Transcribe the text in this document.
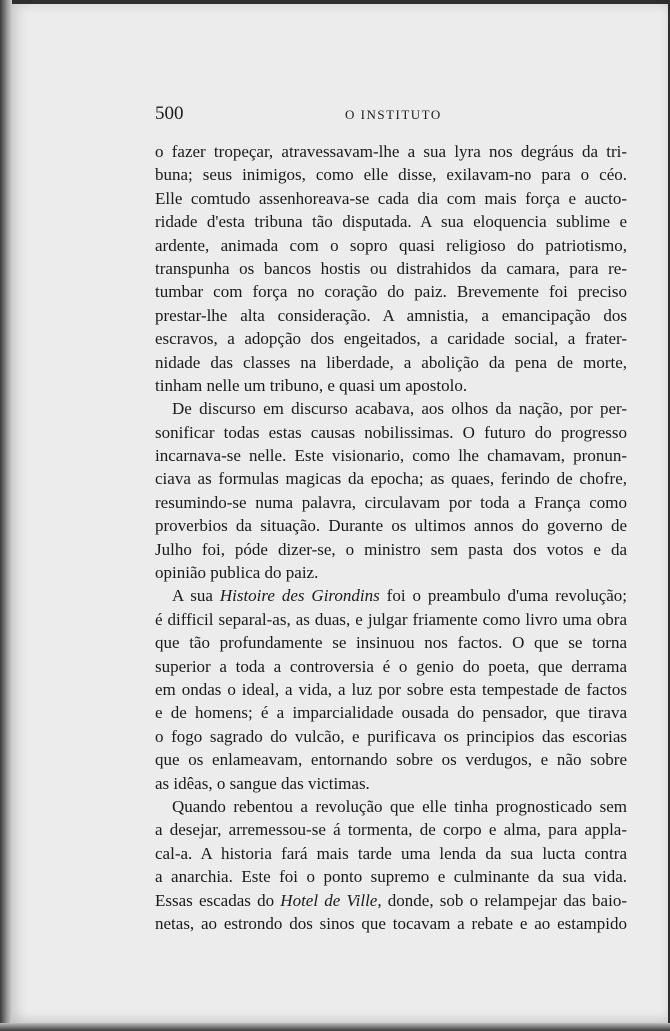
500	O INSTITUTO
o fazer tropeçar, atravessavam-lhe a sua lyra nos degráus da tri-
buna; seus inimigos, como elle disse, exilavam-no para o céo.
Elle comtudo assenhoreava-se cada dia com mais força e aucto-
ridade d'esta tribuna tão disputada. A sua eloquencia sublime e
ardente, animada com o sopro quasi religioso do patriotismo,
transpunha os bancos hostis ou distrahidos da camara, para re-
tumbar com força no coração do paiz. Brevemente foi preciso
prestar-lhe alta consideração. A amnistia, a emancipação dos
escravos, a adopção dos engeitados, a caridade social, a frater-
nidade das classes na liberdade, a abolição da pena de morte,
tinham nelle um tribuno, e quasi um apostolo.
De discurso em discurso acabava, aos olhos da nação, por per-
sonificar todas estas causas nobilissimas. O futuro do progresso
incarnava-se nelle. Este visionario, como lhe chamavam, pronun-
ciava as formulas magicas da epocha; as quaes, ferindo de chofre,
resumindo-se numa palavra, circulavam por toda a França como
proverbios da situação. Durante os ultimos annos do governo de
Julho foi, póde dizer-se, o ministro sem pasta dos votos e da
opinião publica do paiz.
A sua Histoire des Girondins foi o preambulo d'uma revolução;
é difficil separal-as, as duas, e julgar friamente como livro uma obra
que tão profundamente se insinuou nos factos. O que se torna
superior a toda a controversia é o genio do poeta, que derrama
em ondas o ideal, a vida, a luz por sobre esta tempestade de factos
e de homens; é a imparcialidade ousada do pensador, que tirava
o fogo sagrado do vulcão, e purificava os principios das escorias
que os enlameavam, entornando sobre os verdugos, e não sobre
as idêas, o sangue das victimas.
Quando rebentou a revolução que elle tinha prognosticado sem
a desejar, arremessou-se á tormenta, de corpo e alma, para appla-
cal-a. A historia fará mais tarde uma lenda da sua lucta contra
a anarchia. Este foi o ponto supremo e culminante da sua vida.
Essas escadas do Hotel de Ville, donde, sob o relampejar das baio-
netas, ao estrondo dos sinos que tocavam a rebate e ao estampido
